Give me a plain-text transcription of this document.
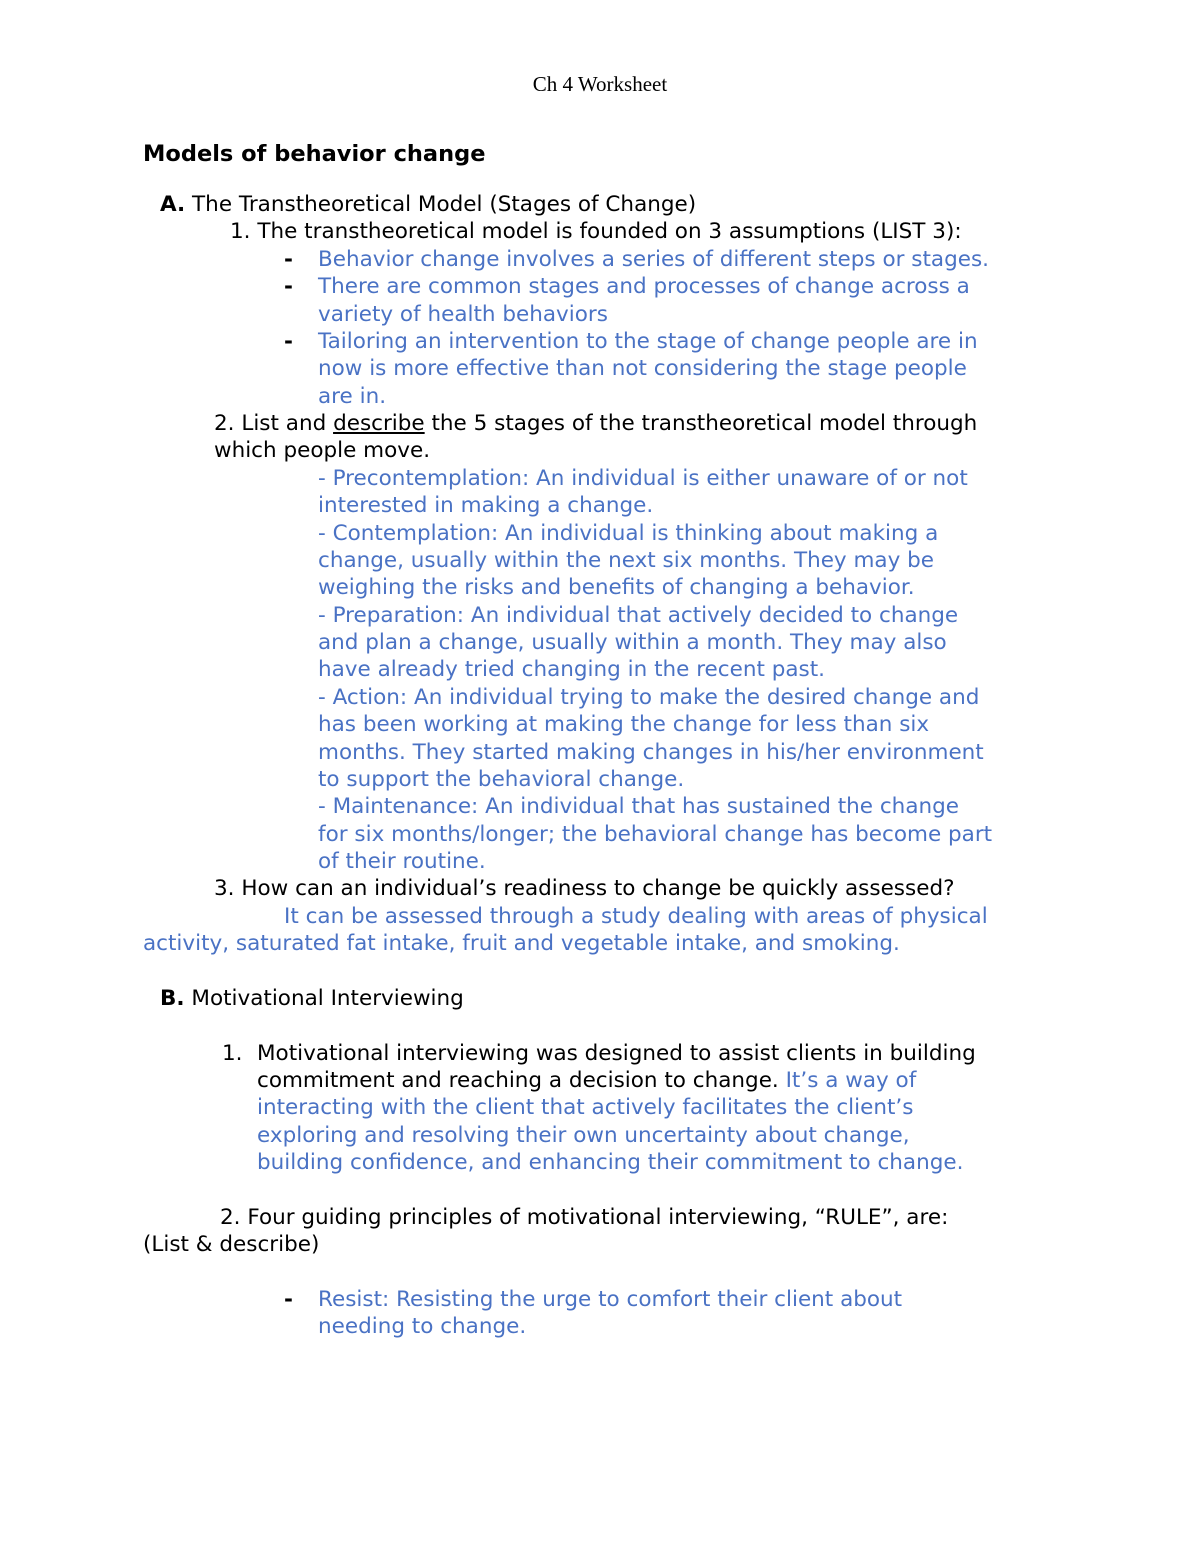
Ch 4 Worksheet
Models of behavior change
A. The Transtheoretical Model (Stages of Change)
1. The transtheoretical model is founded on 3 assumptions (LIST 3):
- Behavior change involves a series of different steps or stages.
- There are common stages and processes of change across a
variety of health behaviors
- Tailoring an intervention to the stage of change people are in
now is more effective than not considering the stage people
are in.
2. List and describe the 5 stages of the transtheoretical model through
which people move.
- Precontemplation: An individual is either unaware of or not
interested in making a change.
- Contemplation: An individual is thinking about making a
change, usually within the next six months. They may be
weighing the risks and benefits of changing a behavior.
- Preparation: An individual that actively decided to change
and plan a change, usually within a month. They may also
have already tried changing in the recent past.
- Action: An individual trying to make the desired change and
has been working at making the change for less than six
months. They started making changes in his/her environment
to support the behavioral change.
- Maintenance: An individual that has sustained the change
for six months/longer; the behavioral change has become part
of their routine.
3. How can an individual’s readiness to change be quickly assessed?
It can be assessed through a study dealing with areas of physical
activity, saturated fat intake, fruit and vegetable intake, and smoking.
B. Motivational Interviewing
1. Motivational interviewing was designed to assist clients in building
commitment and reaching a decision to change. It’s a way of
interacting with the client that actively facilitates the client’s
exploring and resolving their own uncertainty about change,
building confidence, and enhancing their commitment to change.
2. Four guiding principles of motivational interviewing, “RULE”, are:
(List & describe)
- Resist: Resisting the urge to comfort their client about
needing to change.
